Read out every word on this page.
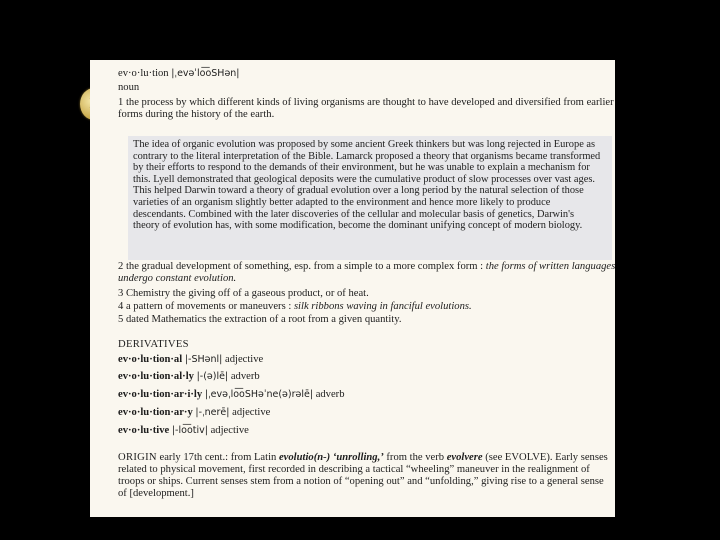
ev·o·lu·tion |ˌevəˈlo͞oSHən|
noun
1 the process by which different kinds of living organisms are thought to have developed and diversified from earlier forms during the history of the earth.

The idea of organic evolution was proposed by some ancient Greek thinkers but was long rejected in Europe as contrary to the literal interpretation of the Bible. Lamarck proposed a theory that organisms became transformed by their efforts to respond to the demands of their environment, but he was unable to explain a mechanism for this. Lyell demonstrated that geological deposits were the cumulative product of slow processes over vast ages. This helped Darwin toward a theory of gradual evolution over a long period by the natural selection of those varieties of an organism slightly better adapted to the environment and hence more likely to produce descendants. Combined with the later discoveries of the cellular and molecular basis of genetics, Darwin's theory of evolution has, with some modification, become the dominant unifying concept of modern biology.

2 the gradual development of something, esp. from a simple to a more complex form : the forms of written languages undergo constant evolution.
3 Chemistry the giving off of a gaseous product, or of heat.
4 a pattern of movements or maneuvers : silk ribbons waving in fanciful evolutions.
5 dated Mathematics the extraction of a root from a given quantity.
DERIVATIVES
ev·o·lu·tion·al |-SHənl| adjective
ev·o·lu·tion·al·ly |-(ə)lē| adverb
ev·o·lu·tion·ar·i·ly |ˌevəˌlo͞oSHəˈne(ə)rəlē| adverb
ev·o·lu·tion·ar·y |-ˌnerē| adjective
ev·o·lu·tive |-lo͞otiv| adjective
ORIGIN early 17th cent.: from Latin evolutio(n-) ‘unrolling,’ from the verb evolvere (see EVOLVE). Early senses related to physical movement, first recorded in describing a tactical “wheeling” maneuver in the realignment of troops or ships. Current senses stem from a notion of “opening out” and “unfolding,” giving rise to a general sense of [development.]
